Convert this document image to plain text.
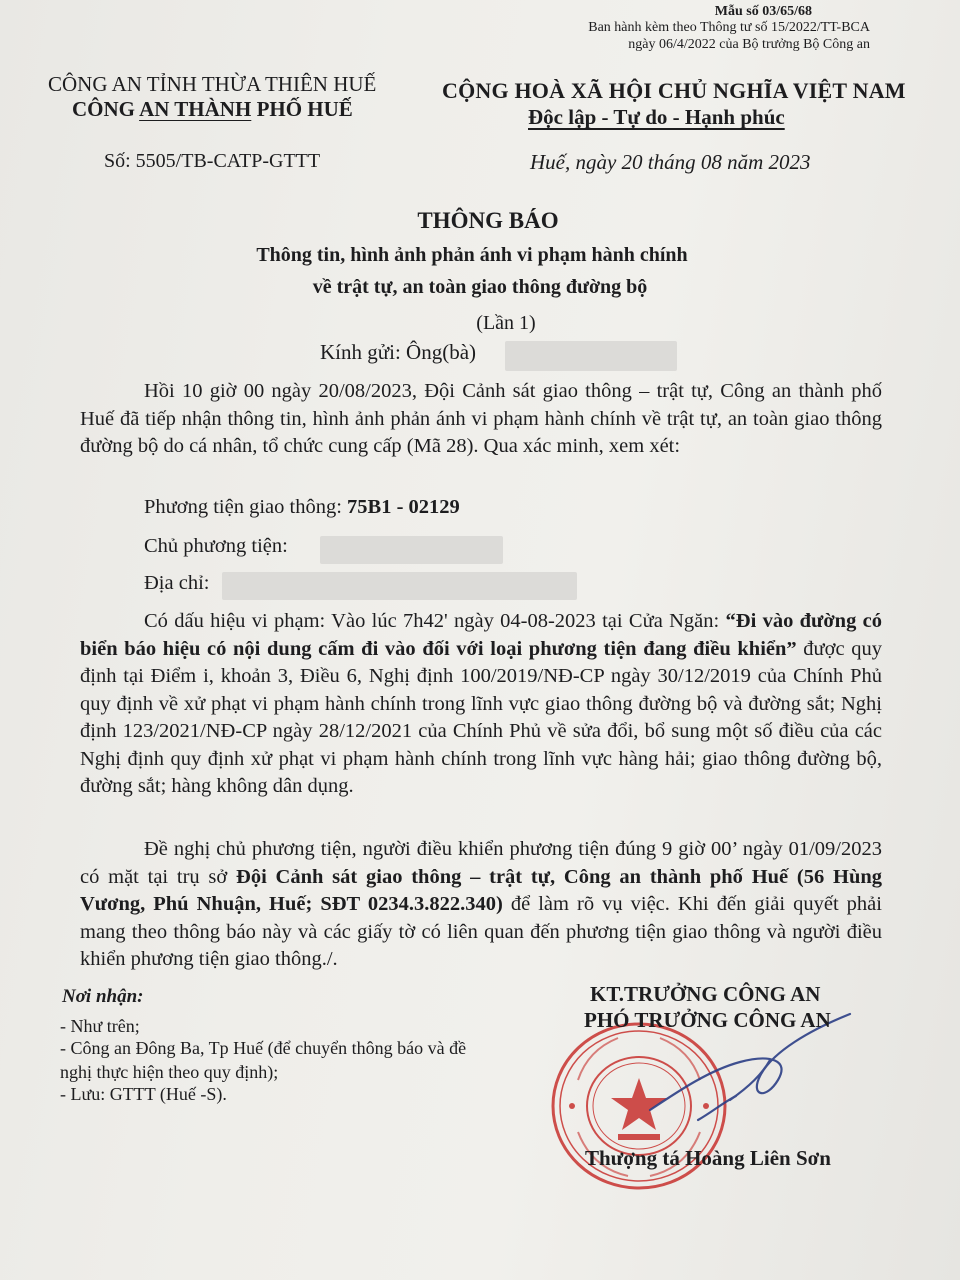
Mẫu số 03/65/68
Ban hành kèm theo Thông tư số 15/2022/TT-BCA
ngày 06/4/2022 của Bộ trưởng Bộ Công an
CÔNG AN TỈNH THỪA THIÊN HUẾ
CÔNG AN THÀNH PHỐ HUẾ
Số: 5505/TB-CATP-GTTT
CỘNG HOÀ XÃ HỘI CHỦ NGHĨA VIỆT NAM
Độc lập - Tự do - Hạnh phúc
Huế, ngày 20 tháng 08 năm 2023
THÔNG BÁO
Thông tin, hình ảnh phản ánh vi phạm hành chính
về trật tự, an toàn giao thông đường bộ
(Lần 1)
Kính gửi: Ông(bà)
Hồi 10 giờ 00 ngày 20/08/2023, Đội Cảnh sát giao thông – trật tự, Công an thành phố Huế đã tiếp nhận thông tin, hình ảnh phản ánh vi phạm hành chính về trật tự, an toàn giao thông đường bộ do cá nhân, tổ chức cung cấp (Mã 28). Qua xác minh, xem xét:
Phương tiện giao thông: 75B1 - 02129
Chủ phương tiện:
Địa chỉ:
Có dấu hiệu vi phạm: Vào lúc 7h42' ngày 04-08-2023 tại Cửa Ngăn: “Đi vào đường có biển báo hiệu có nội dung cấm đi vào đối với loại phương tiện đang điều khiển” được quy định tại Điểm i, khoản 3, Điều 6, Nghị định 100/2019/NĐ-CP ngày 30/12/2019 của Chính Phủ quy định về xử phạt vi phạm hành chính trong lĩnh vực giao thông đường bộ và đường sắt; Nghị định 123/2021/NĐ-CP ngày 28/12/2021 của Chính Phủ về sửa đổi, bổ sung một số điều của các Nghị định quy định xử phạt vi phạm hành chính trong lĩnh vực hàng hải; giao thông đường bộ, đường sắt; hàng không dân dụng.
Đề nghị chủ phương tiện, người điều khiển phương tiện đúng 9 giờ 00’ ngày 01/09/2023 có mặt tại trụ sở Đội Cảnh sát giao thông – trật tự, Công an thành phố Huế (56 Hùng Vương, Phú Nhuận, Huế; SĐT 0234.3.822.340) để làm rõ vụ việc. Khi đến giải quyết phải mang theo thông báo này và các giấy tờ có liên quan đến phương tiện giao thông và người điều khiển phương tiện giao thông./.
Nơi nhận:
- Như trên;
- Công an Đông Ba, Tp Huế (để chuyển thông báo và đề nghị thực hiện theo quy định);
- Lưu: GTTT (Huế -S).
KT.TRƯỞNG CÔNG AN
PHÓ TRƯỞNG CÔNG AN
Thượng tá Hoàng Liên Sơn
